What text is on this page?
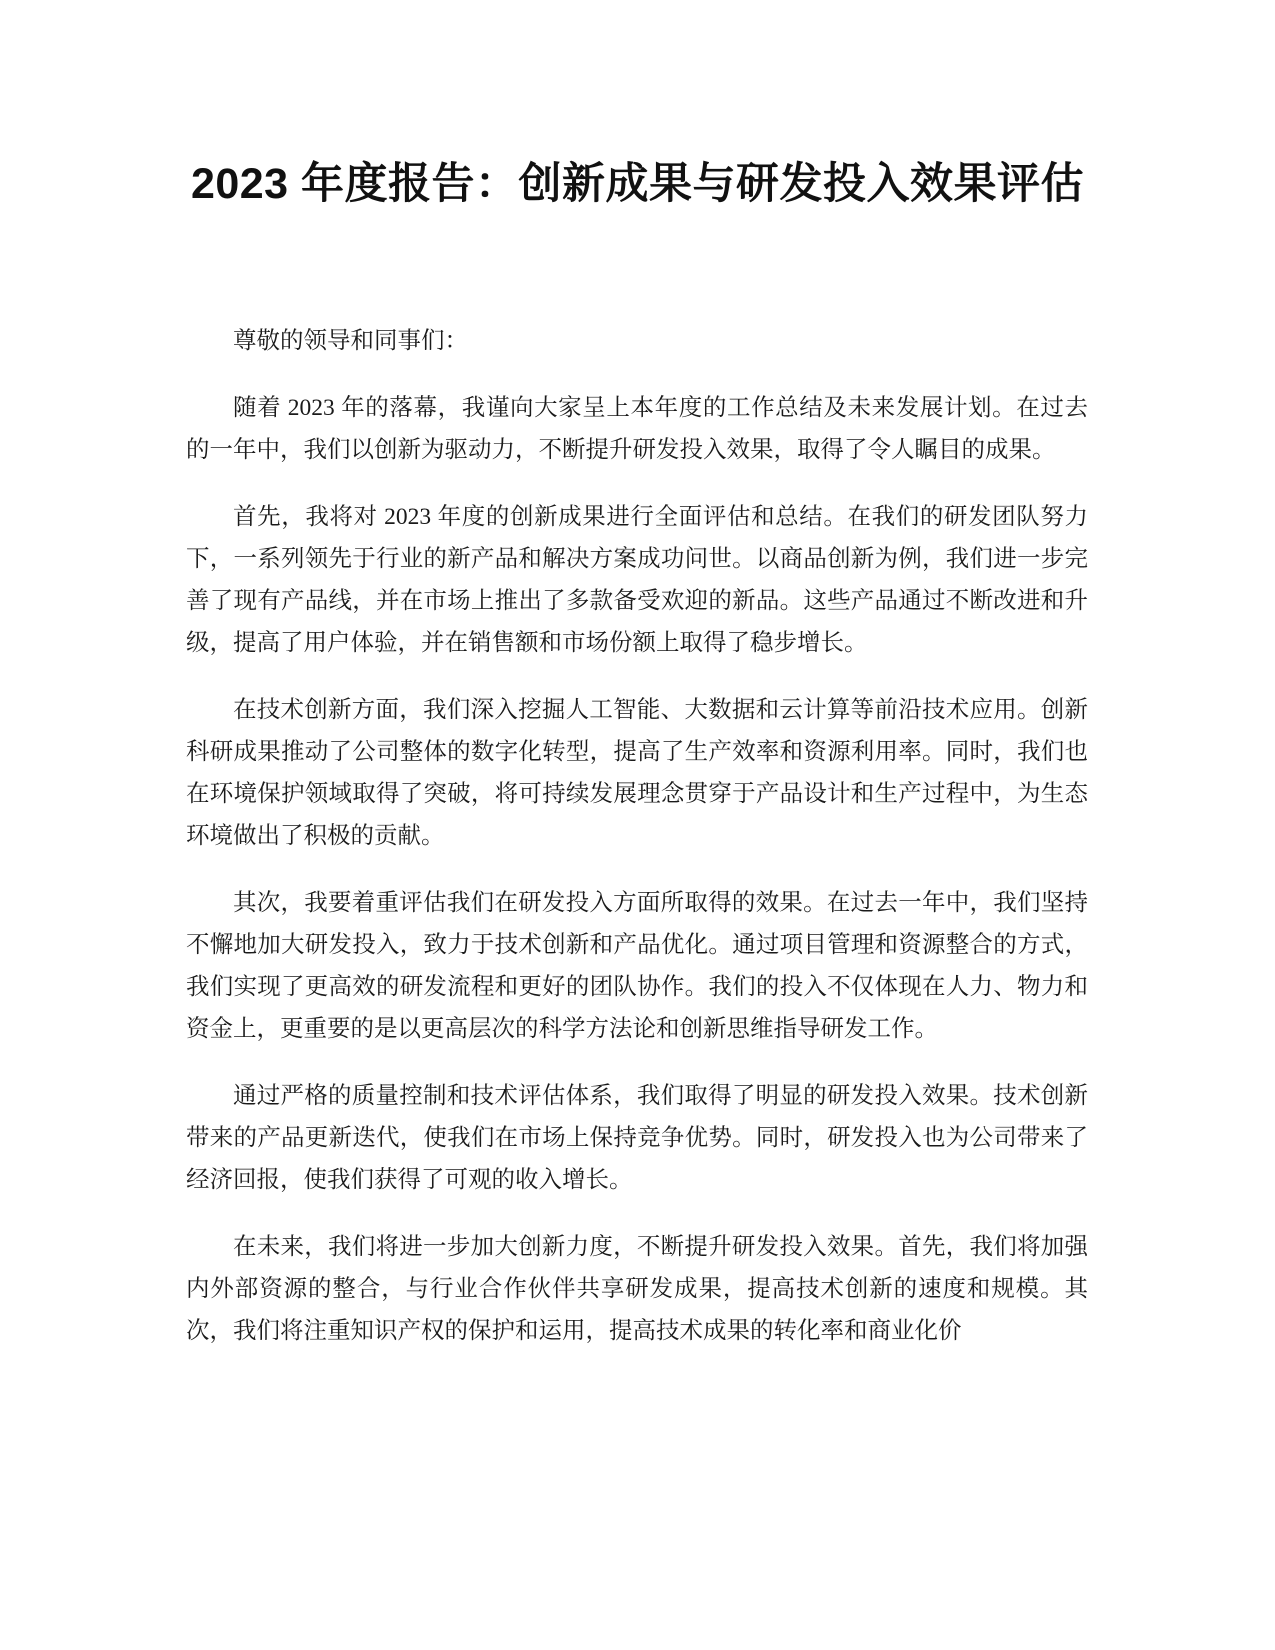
2023 年度报告：创新成果与研发投入效果评估

尊敬的领导和同事们：

随着 2023 年的落幕，我谨向大家呈上本年度的工作总结及未来发展计划。在过去的一年中，我们以创新为驱动力，不断提升研发投入效果，取得了令人瞩目的成果。

首先，我将对 2023 年度的创新成果进行全面评估和总结。在我们的研发团队努力下，一系列领先于行业的新产品和解决方案成功问世。以商品创新为例，我们进一步完善了现有产品线，并在市场上推出了多款备受欢迎的新品。这些产品通过不断改进和升级，提高了用户体验，并在销售额和市场份额上取得了稳步增长。

在技术创新方面，我们深入挖掘人工智能、大数据和云计算等前沿技术应用。创新科研成果推动了公司整体的数字化转型，提高了生产效率和资源利用率。同时，我们也在环境保护领域取得了突破，将可持续发展理念贯穿于产品设计和生产过程中，为生态环境做出了积极的贡献。

其次，我要着重评估我们在研发投入方面所取得的效果。在过去一年中，我们坚持不懈地加大研发投入，致力于技术创新和产品优化。通过项目管理和资源整合的方式，我们实现了更高效的研发流程和更好的团队协作。我们的投入不仅体现在人力、物力和资金上，更重要的是以更高层次的科学方法论和创新思维指导研发工作。

通过严格的质量控制和技术评估体系，我们取得了明显的研发投入效果。技术创新带来的产品更新迭代，使我们在市场上保持竞争优势。同时，研发投入也为公司带来了经济回报，使我们获得了可观的收入增长。

在未来，我们将进一步加大创新力度，不断提升研发投入效果。首先，我们将加强内外部资源的整合，与行业合作伙伴共享研发成果，提高技术创新的速度和规模。其次，我们将注重知识产权的保护和运用，提高技术成果的转化率和商业化价
